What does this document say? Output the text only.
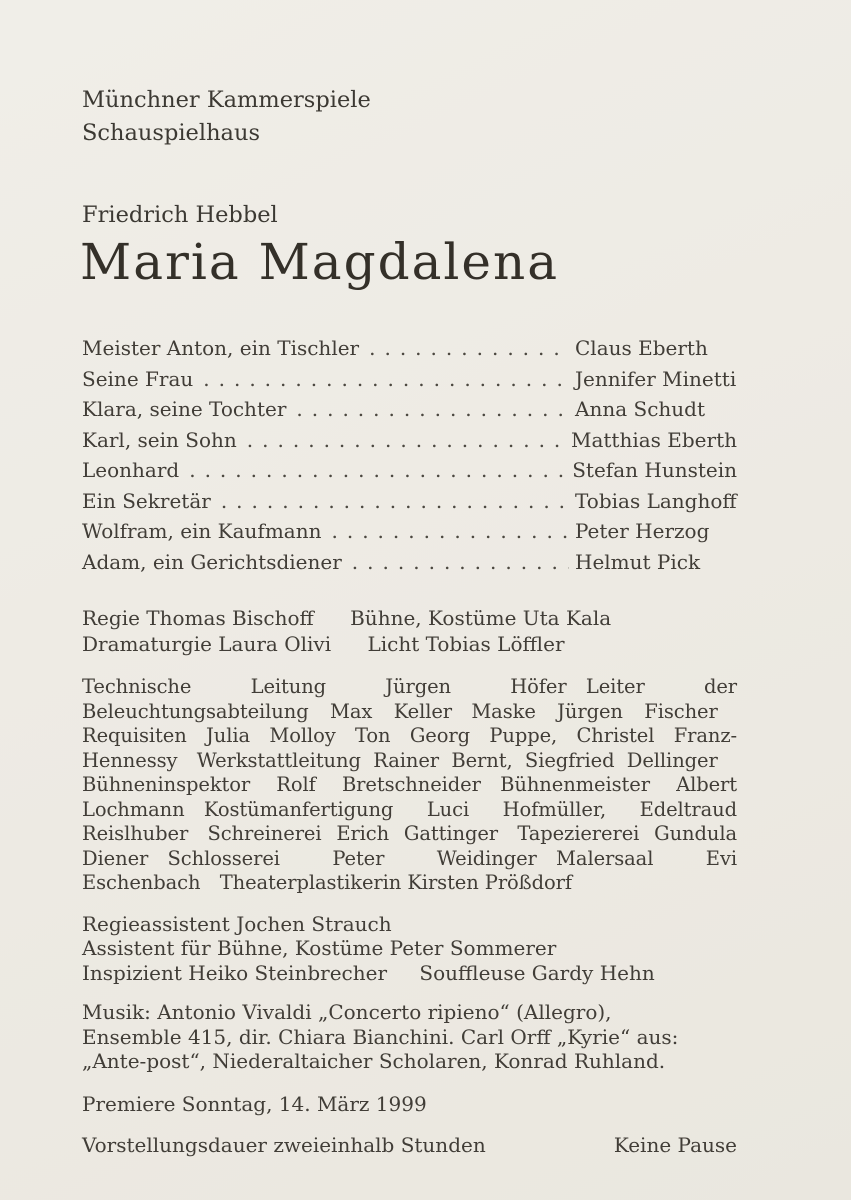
Münchner Kammerspiele
Schauspielhaus
Friedrich Hebbel
Maria Magdalena
Meister Anton, ein Tischler .....	Claus Eberth
Seine Frau .....	Jennifer Minetti
Klara, seine Tochter .....	Anna Schudt
Karl, sein Sohn .....	Matthias Eberth
Leonhard .....	Stefan Hunstein
Ein Sekretär .....	Tobias Langhoff
Wolfram, ein Kaufmann .....	Peter Herzog
Adam, ein Gerichtsdiener .....	Helmut Pick
Regie Thomas Bischoff Bühne, Kostüme Uta Kala
Dramaturgie Laura Olivi Licht Tobias Löffler

Technische Leitung Jürgen Höfer  Leiter der Beleuchtungsabteilung Max Keller  Maske Jürgen Fischer  Requisiten Julia Molloy  Ton Georg Puppe, Christel Franz-Hennessy  Werkstattleitung Rainer Bernt, Siegfried Dellinger  Bühneninspektor Rolf Bretschneider  Bühnenmeister Albert Lochmann  Kostümanfertigung Luci Hofmüller, Edeltraud Reislhuber  Schreinerei Erich Gattinger  Tapeziererei Gundula Diener  Schlosserei Peter Weidinger  Malersaal Evi Eschenbach  Theaterplastikerin Kirsten Prößdorf

Regieassistent Jochen Strauch
Assistent für Bühne, Kostüme Peter Sommerer
Inspizient Heiko Steinbrecher Souffleuse Gardy Hehn
Musik: Antonio Vivaldi „Concerto ripieno“ (Allegro),
Ensemble 415, dir. Chiara Bianchini. Carl Orff „Kyrie“ aus:
„Ante-post“, Niederaltaicher Scholaren, Konrad Ruhland.
Premiere Sonntag, 14. März 1999
Vorstellungsdauer zweieinhalb Stunden	Keine Pause
